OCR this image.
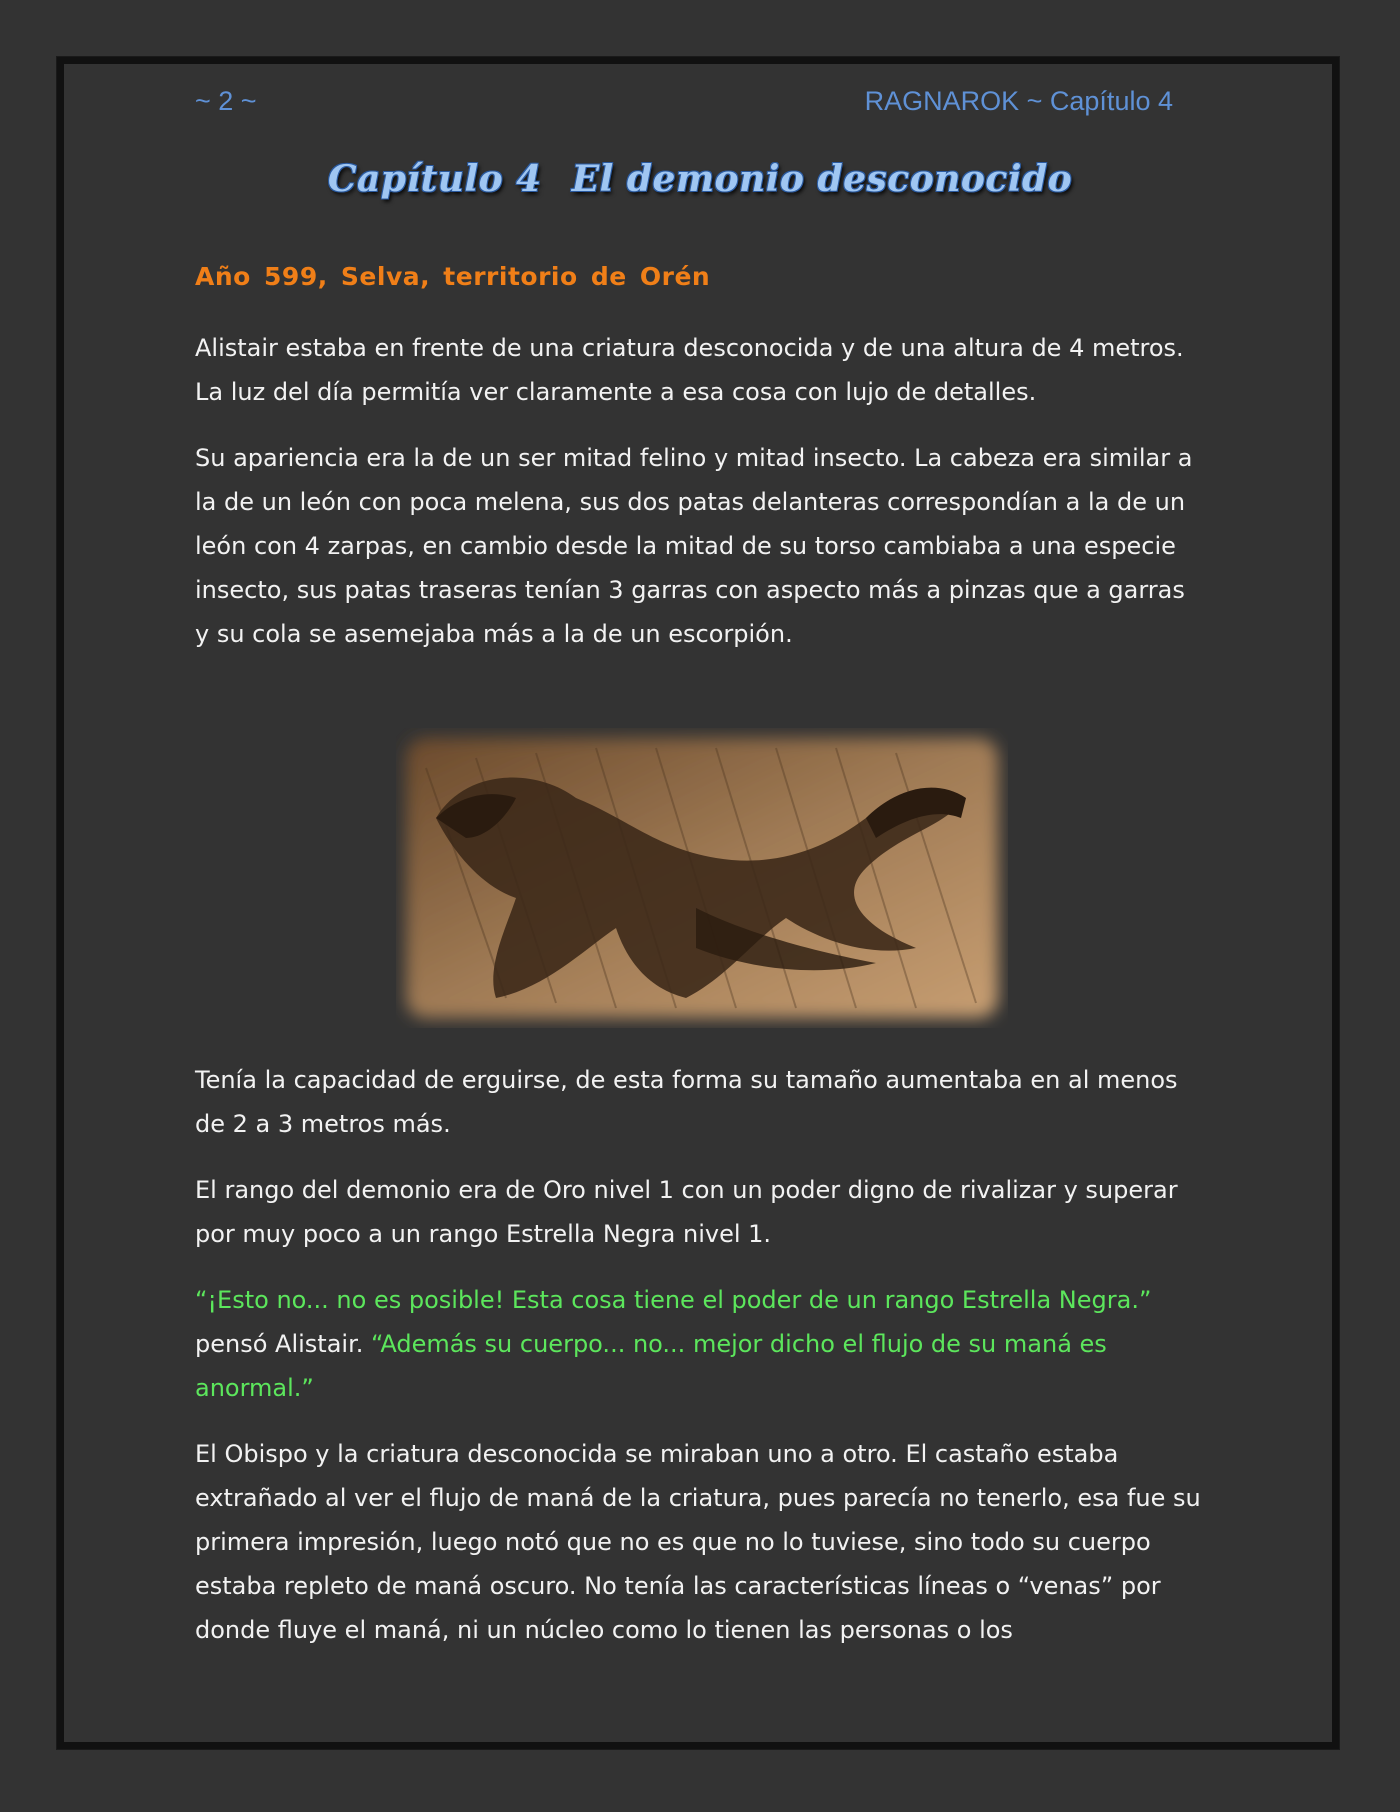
~ 2 ~	RAGNAROK ~ Capítulo 4
Capítulo 4 El demonio desconocido
Año 599, Selva, territorio de Orén

Alistair estaba en frente de una criatura desconocida y de una altura de 4 metros. La luz del día permitía ver claramente a esa cosa con lujo de detalles.

Su apariencia era la de un ser mitad felino y mitad insecto. La cabeza era similar a la de un león con poca melena, sus dos patas delanteras correspondían a la de un león con 4 zarpas, en cambio desde la mitad de su torso cambiaba a una especie insecto, sus patas traseras tenían 3 garras con aspecto más a pinzas que a garras y su cola se asemejaba más a la de un escorpión.

Tenía la capacidad de erguirse, de esta forma su tamaño aumentaba en al menos de 2 a 3 metros más.

El rango del demonio era de Oro nivel 1 con un poder digno de rivalizar y superar por muy poco a un rango Estrella Negra nivel 1.

“¡Esto no... no es posible! Esta cosa tiene el poder de un rango Estrella Negra.” pensó Alistair. “Además su cuerpo... no... mejor dicho el flujo de su maná es anormal.”

El Obispo y la criatura desconocida se miraban uno a otro. El castaño estaba extrañado al ver el flujo de maná de la criatura, pues parecía no tenerlo, esa fue su primera impresión, luego notó que no es que no lo tuviese, sino todo su cuerpo estaba repleto de maná oscuro. No tenía las características líneas o “venas” por donde fluye el maná, ni un núcleo como lo tienen las personas o los
